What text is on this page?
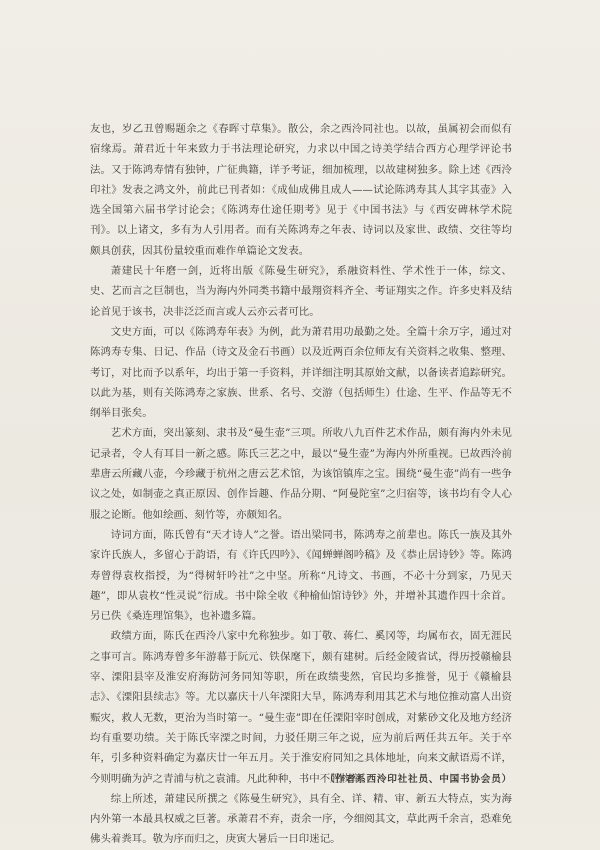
友也，岁乙丑曾赐题余之《春晖寸草集》。散公，余之西泠同社也。以故，虽属初会而似有宿缘焉。萧君近十年来致力于书法理论研究，力求以中国之诗美学结合西方心理学评论书法。又于陈鸿寿情有独钟，广征典籍，详予考证，细加梳理，以故建树独多。除上述《西泠印社》发表之鸿文外，前此已刊者如：《成仙成佛且成人——试论陈鸿寿其人其字其壶》入选全国第六届书学讨论会；《陈鸿寿仕途任期考》见于《中国书法》与《西安碑林学术院刊》。以上诸文，多有为人引用者。而有关陈鸿寿之年表、诗词以及家世、政绩、交往等均颇具创获，因其份量较重而难作单篇论文发表。

萧建民十年磨一剑，近将出版《陈曼生研究》，系融资料性、学术性于一体，综文、史、艺而言之巨制也，当为海内外同类书籍中最翔资料齐全、考证翔实之作。许多史料及结论首见于该书，决非泛泛而言或人云亦云者可比。

文史方面，可以《陈鸿寿年表》为例，此为萧君用功最勤之处。全篇十余万字，通过对陈鸿寿专集、日记、作品（诗文及金石书画）以及近两百余位师友有关资料之收集、整理、考订，对比而予以系年，均出于第一手资料，并详细注明其原始文献，以备读者追踪研究。以此为基，则有关陈鸿寿之家族、世系、名号、交游（包括师生）仕途、生平、作品等无不纲举目张矣。

艺术方面，突出篆刻、隶书及“曼生壶”三项。所收八九百件艺术作品，颇有海内外未见记录者，令人有耳目一新之感。陈氏三艺之中，最以“曼生壶”为海内外所重视。已故西泠前辈唐云所藏八壶，今珍藏于杭州之唐云艺术馆，为该馆镇库之宝。围绕“曼生壶”尚有一些争议之处，如制壶之真正原因、创作旨趣、作品分期、“阿曼陀室”之归宿等，该书均有令人心服之论断。他如绘画、刻竹等，亦颇知名。

诗词方面，陈氏曾有“天才诗人”之誉。语出梁同书，陈鸿寿之前辈也。陈氏一族及其外家许氏族人，多留心于韵语，有《许氏四吟》、《闻蝉蝉阁吟稿》及《恭止居诗钞》等。陈鸿寿曾得袁枚指授，为“得树轩吟社”之中坚。所称“凡诗文、书画，不必十分到家，乃见天趣”，即从袁枚“性灵说”衍成。书中除全收《种榆仙馆诗钞》外，并增补其遗作四十余首。另已佚《桑连理馆集》，也补遗多篇。

政绩方面，陈氏在西泠八家中允称独步。如丁敬、蒋仁、奚冈等，均属布衣，固无涯民之事可言。陈鸿寿曾多年游幕于阮元、铁保麾下，颇有建树。后经金陵省试，得历授赣榆县宰、溧阳县宰及淮安府海防河务同知等职，所在政绩斐然，官民均多推誉，见于《赣榆县志》、《溧阳县续志》等。尤以嘉庆十八年溧阳大旱，陈鸿寿利用其艺术与地位推动富人出资赈灾，救人无数，更治为当时第一。“曼生壶”即在任溧阳宰时创成，对紫砂文化及地方经济均有重要功绩。关于陈氏宰溧之时间，力驳任期三年之说，应为前后两任共五年。关于卒年，引多种资料确定为嘉庆廿一年五月。关于淮安府同知之具体地址，向来文献语焉不详，今则明确为泸之青浦与杭之袁浦。凡此种种，书中不胜枚举。

综上所述，萧建民所撰之《陈曼生研究》，具有全、详、精、审、新五大特点，实为海内外第一本最具权威之巨著。承萧君不弃，责余一序，今细阅其文，草此两千余言，恐难免佛头着粪耳。敬为序而归之，庚寅大暑后一日印迷记。

（作者系西泠印社社员、中国书协会员）
